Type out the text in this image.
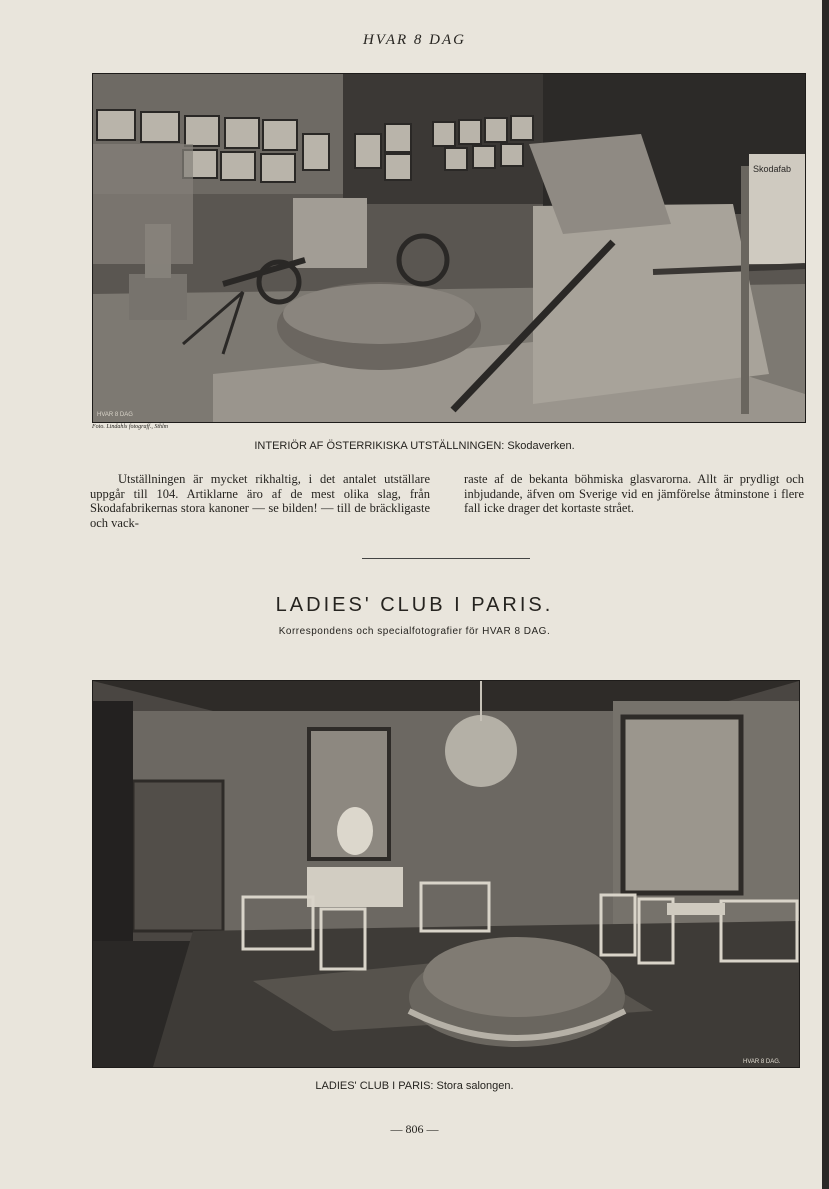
HVAR 8 DAG
Skodafab
HVAR 8 DAG
Foto. Lindahls fotograff., Sthlm
INTERIÖR AF ÖSTERRIKISKA UTSTÄLLNINGEN: Skodaverken.
Utställningen är mycket rikhaltig, i det antalet utställare uppgår till 104. Artiklarne äro af de mest olika slag, från Skodafabrikernas stora kanoner — se bilden! — till de bräckligaste och vack-
raste af de bekanta böhmiska glasvarorna. Allt är prydligt och inbjudande, äfven om Sverige vid en jämförelse åtminstone i flere fall icke drager det kortaste strået.
LADIES' CLUB I PARIS.
Korrespondens och specialfotografier för HVAR 8 DAG.
HVAR 8 DAG.
LADIES' CLUB I PARIS: Stora salongen.
— 806 —
